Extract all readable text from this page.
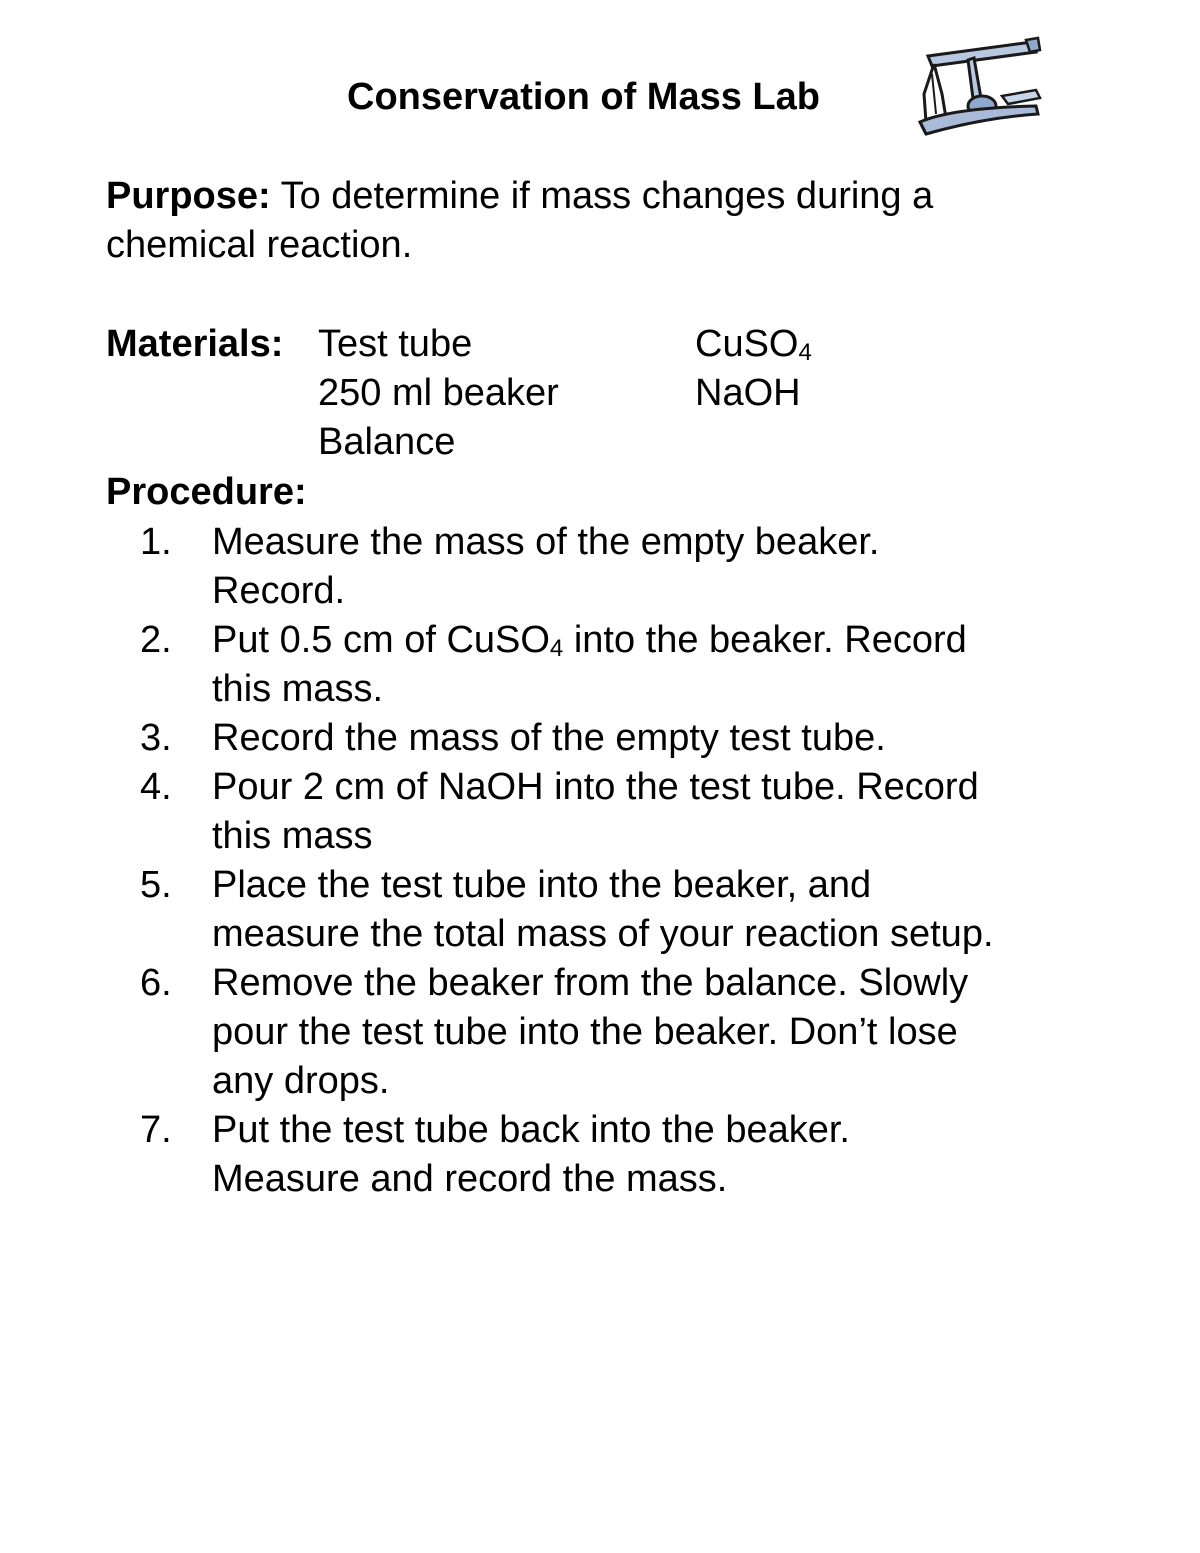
Conservation of Mass Lab
Purpose: To determine if mass changes during a
chemical reaction.
Materials: Test tube
250 ml beaker
Balance
CuSO$_4$
NaOH
Procedure:
1. Measure the mass of the empty beaker.
Record.
2. Put 0.5 cm of CuSO$_4$ into the beaker. Record
this mass.
3. Record the mass of the empty test tube.
4. Pour 2 cm of NaOH into the test tube. Record
this mass
5. Place the test tube into the beaker, and
measure the total mass of your reaction setup.
6. Remove the beaker from the balance. Slowly
pour the test tube into the beaker. Don’t lose
any drops.
7. Put the test tube back into the beaker.
Measure and record the mass.
